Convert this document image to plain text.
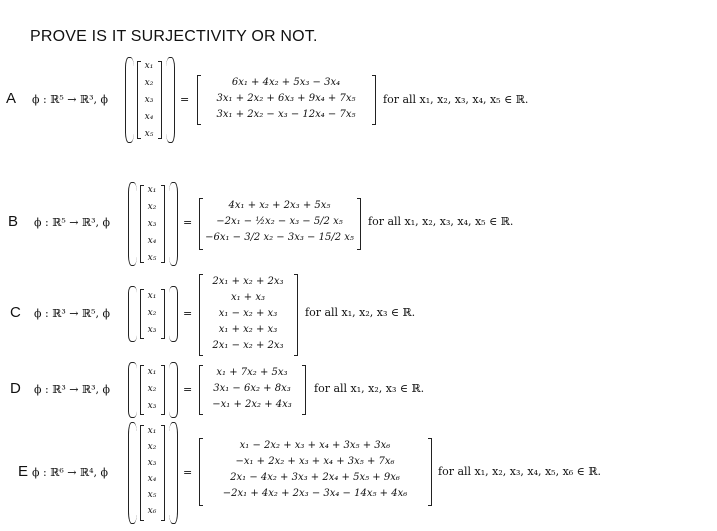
PROVE IS IT SURJECTIVITY OR NOT.
A ϕ : ℝ⁵ → ℝ³, ϕ
x₁
x₂
x₃
x₄
x₅
=
6x₁ + 4x₂ + 5x₃ − 3x₄
3x₁ + 2x₂ + 6x₃ + 9x₄ + 7x₅
3x₁ + 2x₂ − x₃ − 12x₄ − 7x₅
for all x₁, x₂, x₃, x₄, x₅ ∈ ℝ.
B ϕ : ℝ⁵ → ℝ³, ϕ
x₁
x₂
x₃
x₄
x₅
=
4x₁ + x₂ + 2x₃ + 5x₅
−2x₁ − ½x₂ − x₃ − 5/2 x₅
−6x₁ − 3/2 x₂ − 3x₃ − 15/2 x₅
for all x₁, x₂, x₃, x₄, x₅ ∈ ℝ.
C ϕ : ℝ³ → ℝ⁵, ϕ
x₁
x₂
x₃
=
2x₁ + x₂ + 2x₃
x₁ + x₃
x₁ − x₂ + x₃
x₁ + x₂ + x₃
2x₁ − x₂ + 2x₃
for all x₁, x₂, x₃ ∈ ℝ.
D ϕ : ℝ³ → ℝ³, ϕ
x₁
x₂
x₃
=
x₁ + 7x₂ + 5x₃
3x₁ − 6x₂ + 8x₃
−x₁ + 2x₂ + 4x₃
for all x₁, x₂, x₃ ∈ ℝ.
E ϕ : ℝ⁶ → ℝ⁴, ϕ
x₁
x₂
x₃
x₄
x₅
x₆
=
x₁ − 2x₂ + x₃ + x₄ + 3x₅ + 3x₆
−x₁ + 2x₂ + x₃ + x₄ + 3x₅ + 7x₆
2x₁ − 4x₂ + 3x₃ + 2x₄ + 5x₅ + 9x₆
−2x₁ + 4x₂ + 2x₃ − 3x₄ − 14x₅ + 4x₆
for all x₁, x₂, x₃, x₄, x₅, x₆ ∈ ℝ.
